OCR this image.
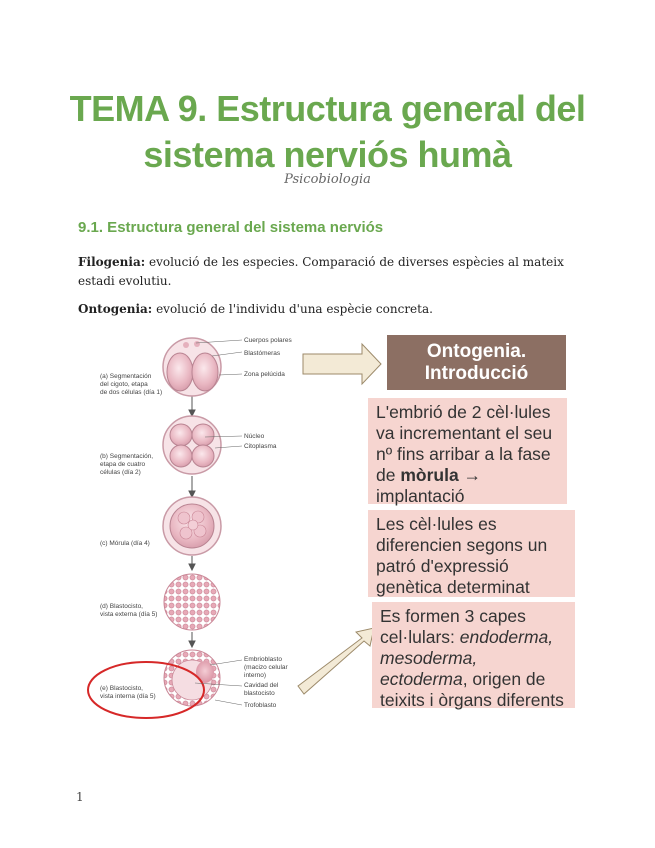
TEMA 9. Estructura general del
sistema nerviós humà
Psicobiologia
9.1. Estructura general del sistema nerviós
Filogenia: evolució de les especies. Comparació de diverses espècies al mateix estadi evolutiu.
Ontogenia: evolució de l'individu d'una espècie concreta.
(a) Segmentación
del cigoto, etapa
de dos células (día 1)
(b) Segmentación,
etapa de cuatro
células (día 2)
(c) Mórula (día 4)
(d) Blastocisto,
vista externa (día 5)
(e) Blastocisto,
vista interna (día 5)
Cuerpos polares
Blastómeras
Zona pelúcida
Núcleo
Citoplasma
Embrioblasto
(macizo celular
interno)
Cavidad del
blastocisto
Trofoblasto
Ontogenia.
Introducció
L'embrió de 2 cèl·lules va incrementant el seu nº fins arribar a la fase de mòrula → implantació
Les cèl·lules es diferencien segons un patró d'expressió genètica determinat
Es formen 3 capes cel·lulars: endoderma, mesoderma, ectoderma, origen de teixits i òrgans diferents
1
